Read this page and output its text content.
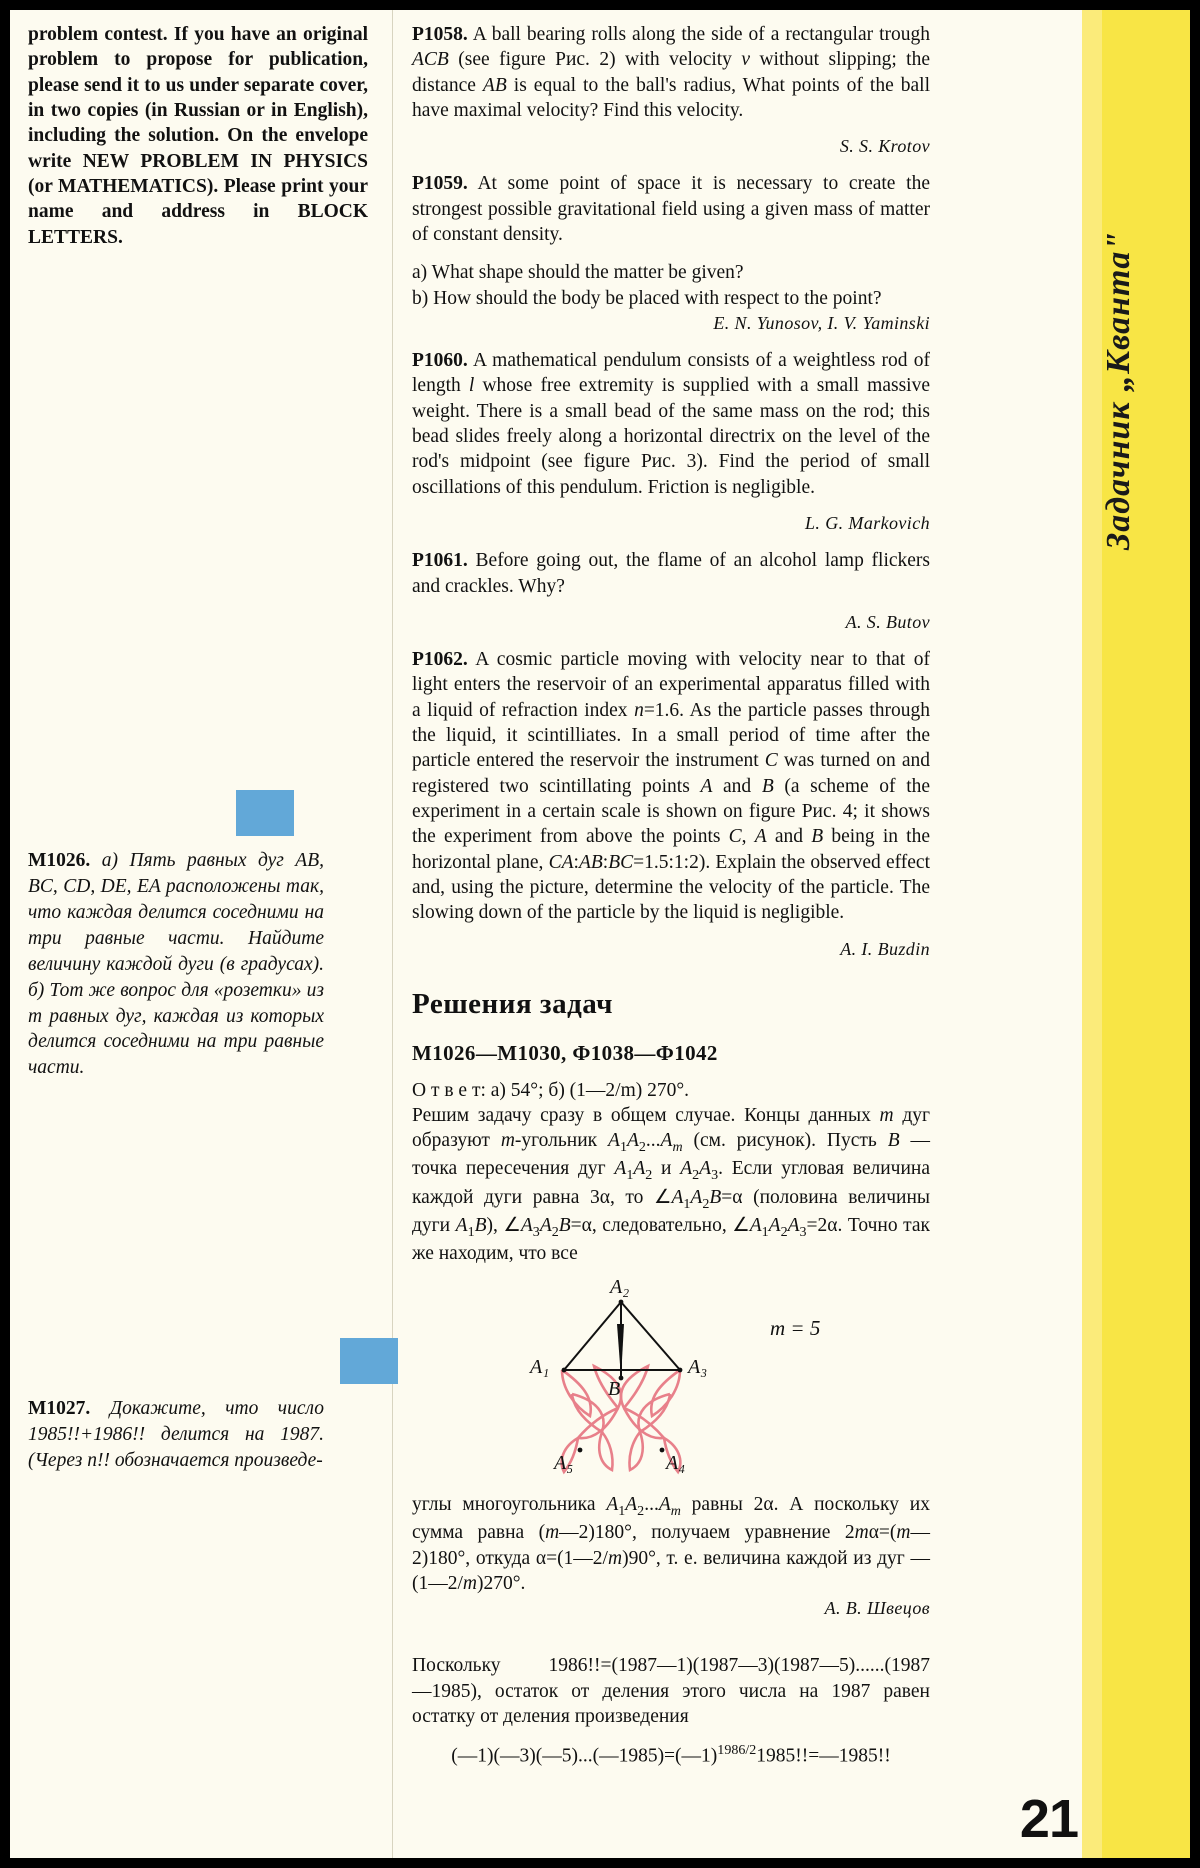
Задачник „Кванта"
problem contest. If you have an original problem to propose for publication, please send it to us under separate cover, in two copies (in Russian or in English), including the solution. On the envelope write NEW PROBLEM IN PHYSICS (or MATHEMATICS). Please print your name and address in BLOCK LETTERS.
M1026. а) Пять равных дуг AB, BC, CD, DE, EA расположены так, что каждая делится соседними на три равные части. Найдите величину каждой дуги (в градусах). б) Тот же вопрос для «розетки» из m равных дуг, каждая из которых делится соседними на три равные части.
M1027. Докажите, что число 1985!!+1986!! делится на 1987. (Через n!! обозначается произведе-
P1058. A ball bearing rolls along the side of a rectangular trough ACB (see figure Рис. 2) with velocity v without slipping; the distance AB is equal to the ball's radius, What points of the ball have maximal velocity? Find this velocity.
S. S. Krotov
P1059. At some point of space it is necessary to create the strongest possible gravitational field using a given mass of matter of constant density.
a) What shape should the matter be given?
b) How should the body be placed with respect to the point?
E. N. Yunosov, I. V. Yaminski
P1060. A mathematical pendulum consists of a weightless rod of length l whose free extremity is supplied with a small massive weight. There is a small bead of the same mass on the rod; this bead slides freely along a horizontal directrix on the level of the rod's midpoint (see figure Рис. 3). Find the period of small oscillations of this pendulum. Friction is negligible.
L. G. Markovich
P1061. Before going out, the flame of an alcohol lamp flickers and crackles. Why?
A. S. Butov
P1062. A cosmic particle moving with velocity near to that of light enters the reservoir of an experimental apparatus filled with a liquid of refraction index n=1.6. As the particle passes through the liquid, it scintilliates. In a small period of time after the particle entered the reservoir the instrument C was turned on and registered two scintillating points A and B (a scheme of the experiment in a certain scale is shown on figure Рис. 4; it shows the experiment from above the points C, A and B being in the horizontal plane, CA:AB:BC=1.5:1:2). Explain the observed effect and, using the picture, determine the velocity of the particle. The slowing down of the particle by the liquid is negligible.
A. I. Buzdin
Решения задач
M1026—M1030, Ф1038—Ф1042
О т в е т: а) 54°; б) (1—2/m) 270°.
Решим задачу сразу в общем случае. Концы данных m дуг образуют m-угольник $A_1A_2...A_m$ (см. рисунок). Пусть B — точка пересечения дуг $A_1A_2$ и $A_2A_3$. Если угловая величина каждой дуги равна 3α, то $\angle A_1A_2B=\alpha$ (половина величины дуги $A_1B$), $\angle A_3A_2B=\alpha$, следовательно, $\angle A_1A_2A_3=2\alpha$. Точно так же находим, что все
A₂
A₁	A₃
B
A₅	A₄
m = 5
углы многоугольника $A_1A_2...A_m$ равны 2α. А поскольку их сумма равна (m—2)180°, получаем уравнение 2mα=(m—2)180°, откуда α=(1—2/m)90°, т. е. величина каждой из дуг — (1—2/m)270°.
А. В. Швецов
Поскольку      1986!!=(1987—1)(1987—3)(1987—5)......(1987—1985), остаток от деления этого числа на 1987 равен остатку от деления произведения
(—1)(—3)(—5)...(—1985)=(—1)$^{1986/2}$1985!!=—1985!!
21
